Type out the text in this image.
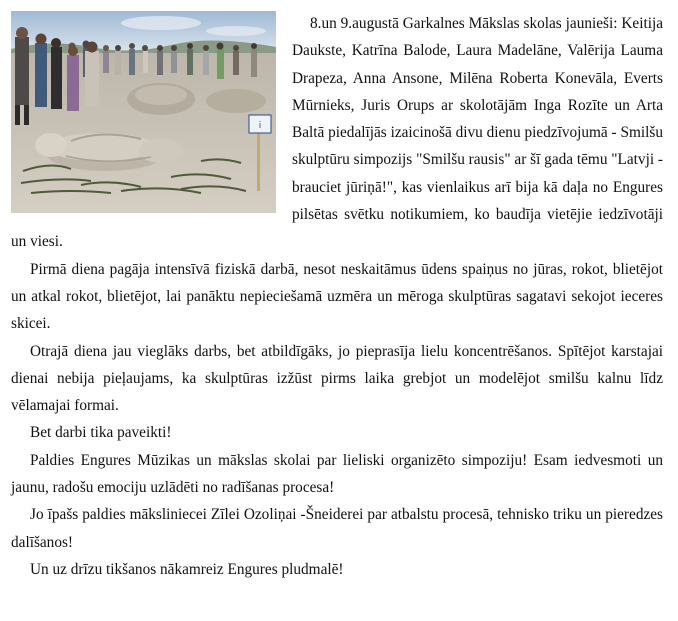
i

8.un 9.augustā Garkalnes Mākslas skolas jaunieši: Keitija Daukste, Katrīna Balode, Laura Madelāne, Valērija Lauma Drapeza, Anna Ansone, Milēna Roberta Konevāla, Everts Mūrnieks, Juris Orups ar skolotājām Inga Rozīte un Arta Baltā piedalījās izaicinošā divu dienu piedzīvojumā - Smilšu skulptūru simpozijs "Smilšu rausis" ar šī gada tēmu "Latvji - brauciet jūriņā!", kas vienlaikus arī bija kā daļa no Engures pilsētas svētku notikumiem, ko baudīja vietējie iedzīvotāji un viesi.

Pirmā diena pagāja intensīvā fiziskā darbā, nesot neskaitāmus ūdens spaiņus no jūras, rokot, blietējot un atkal rokot, blietējot, lai panāktu nepieciešamā uzmēra un mēroga skulptūras sagatavi sekojot ieceres skicei.

Otrajā diena jau vieglāks darbs, bet atbildīgāks, jo pieprasīja lielu koncentrēšanos. Spītējot karstajai dienai nebija pieļaujams, ka skulptūras izžūst pirms laika grebjot un modelējot smilšu kalnu līdz vēlamajai formai.

Bet darbi tika paveikti!

Paldies Engures Mūzikas un mākslas skolai par lieliski organizēto simpoziju! Esam iedvesmoti un jaunu, radošu emociju uzlādēti no radīšanas procesa!

Jo īpašs paldies māksliniecei Zīlei Ozoliņai -Šneiderei par atbalstu procesā, tehnisko triku un pieredzes dalīšanos!

Un uz drīzu tikšanos nākamreiz Engures pludmalē!
